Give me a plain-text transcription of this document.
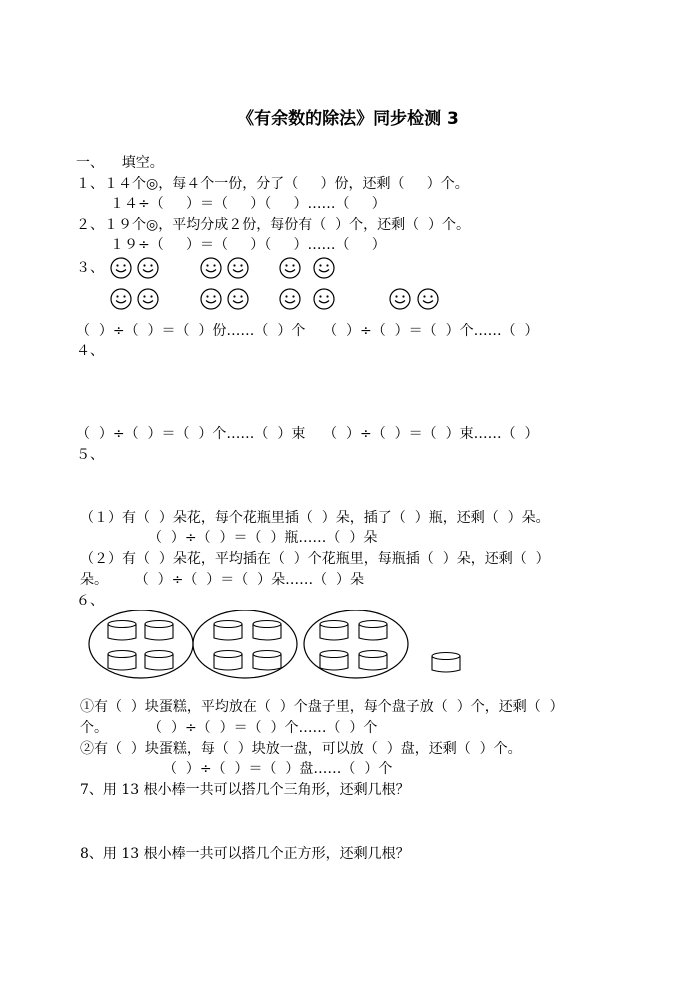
《有余数的除法》同步检测 3
一、    填空。
１、１４个◎，每４个一份，分了（     ）份，还剩（     ）个。
１４÷（     ）＝（     ）（     ）……（     ）
２、１９个◎，平均分成２份，每份有（  ）个，还剩（  ）个。
１９÷（     ）＝（     ）（     ）……（     ）
３、
（  ）÷（  ）＝（  ）份……（  ）个    （  ）÷（  ）＝（  ）个……（  ）
４、
（  ）÷（  ）＝（  ）个……（  ）束    （  ）÷（  ）＝（  ）束……（  ）
５、
（１）有（  ）朵花，每个花瓶里插（  ）朵，插了（  ）瓶，还剩（  ）朵。
（  ）÷（  ）＝（  ）瓶……（  ）朵
（２）有（  ）朵花，平均插在（  ）个花瓶里，每瓶插（  ）朵，还剩（  ）
朵。      （  ）÷（  ）＝（  ）朵……（  ）朵
６、
①有（  ）块蛋糕，平均放在（  ）个盘子里，每个盘子放（  ）个，还剩（  ）
个。         （  ）÷（  ）＝（  ）个……（  ）个
②有（  ）块蛋糕，每（  ）块放一盘，可以放（  ）盘，还剩（  ）个。
（  ）÷（  ）＝（  ）盘……（  ）个
7、用 13 根小棒一共可以搭几个三角形，还剩几根？
8、用 13 根小棒一共可以搭几个正方形，还剩几根？
